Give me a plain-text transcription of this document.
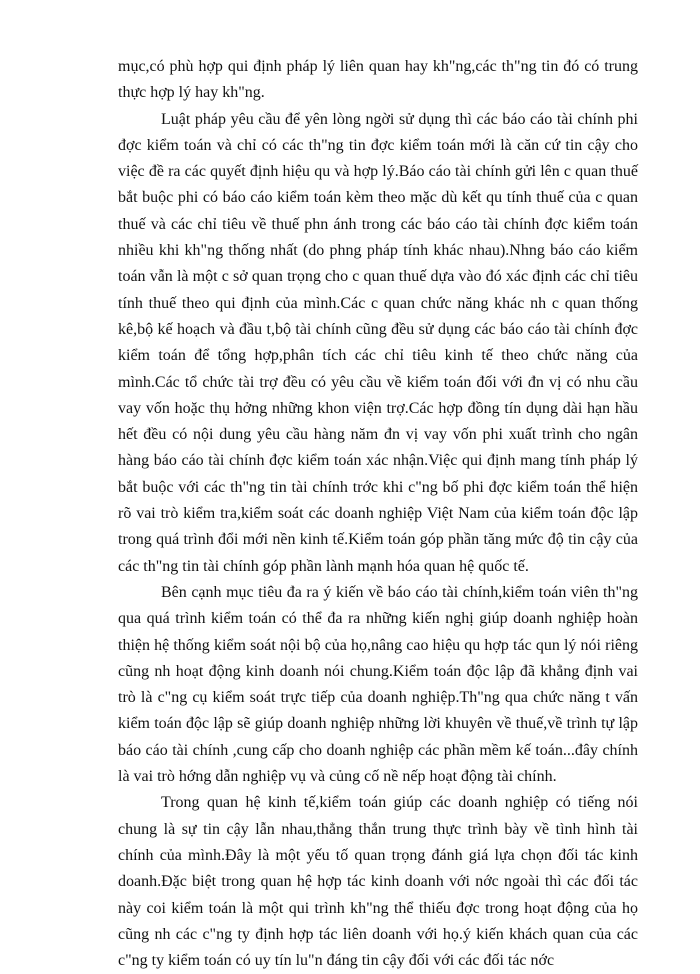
mục,có phù hợp qui định pháp lý liên quan hay kh"ng,các th"ng tin đó có trung thực hợp lý hay kh"ng.

Luật pháp yêu cầu để yên lòng ngời sử dụng thì các báo cáo tài chính phi đợc kiểm toán và chỉ có các th"ng tin đợc kiểm toán mới là căn cứ tin cậy cho việc đề ra các quyết định hiệu qu và hợp lý.Báo cáo tài chính gửi lên c quan thuế bắt buộc phi có báo cáo kiểm toán kèm theo mặc dù kết qu tính thuế của c quan thuế và các chỉ tiêu về thuế phn ánh trong các báo cáo tài chính đợc kiểm toán nhiều khi kh"ng thống nhất (do phng pháp tính khác nhau).Nhng báo cáo kiểm toán vẫn là một c sở quan trọng cho c quan thuế dựa vào đó xác định các chỉ tiêu tính thuế theo qui định của mình.Các c quan chức năng khác nh c quan thống kê,bộ kế hoạch và đầu t,bộ tài chính cũng đều sử dụng các báo cáo tài chính đợc kiểm toán để tổng hợp,phân tích các chỉ tiêu kinh tế theo chức năng của mình.Các tổ chức tài trợ đều có yêu cầu về kiểm toán đối với đn vị có nhu cầu vay vốn hoặc thụ hởng những khon viện trợ.Các hợp đồng tín dụng dài hạn hầu hết đều có nội dung yêu cầu hàng năm đn vị vay vốn phi xuất trình cho ngân hàng báo cáo tài chính đợc kiểm toán xác nhận.Việc qui định mang tính pháp lý bắt buộc với các th"ng tin tài chính trớc khi c"ng bố phi đợc kiểm toán thể hiện rõ vai trò kiểm tra,kiểm soát các doanh nghiệp Việt Nam của kiểm toán độc lập trong quá trình đổi mới nền kinh tế.Kiểm toán góp phần tăng mức độ tin cậy của các th"ng tin tài chính góp phần lành mạnh hóa quan hệ quốc tế.

Bên cạnh mục tiêu đa ra ý kiến về báo cáo tài chính,kiểm toán viên th"ng qua quá trình kiểm toán có thể đa ra những kiến nghị giúp doanh nghiệp hoàn thiện hệ thống kiểm soát nội bộ của họ,nâng cao hiệu qu hợp tác qun lý nói riêng cũng nh hoạt động kinh doanh nói chung.Kiểm toán độc lập đã khẳng định vai trò là c"ng cụ kiểm soát trực tiếp của doanh nghiệp.Th"ng qua chức năng t vấn kiểm toán độc lập sẽ giúp doanh nghiệp những lời khuyên về thuế,về trình tự lập báo cáo tài chính ,cung cấp cho doanh nghiệp các phần mềm kế toán...đây chính là vai trò hớng dẫn nghiệp vụ và củng cố nề nếp hoạt động tài chính.

Trong quan hệ kinh tế,kiểm toán giúp các doanh nghiệp có tiếng nói chung là sự tin cậy lẫn nhau,thẳng thắn trung thực trình bày về tình hình tài chính của mình.Đây là một yếu tố quan trọng đánh giá lựa chọn đối tác kinh doanh.Đặc biệt trong quan hệ hợp tác kinh doanh với nớc ngoài thì các đối tác này coi kiểm toán là một qui trình kh"ng thể thiếu đợc trong hoạt động của họ cũng nh các c"ng ty định hợp tác liên doanh với họ.ý kiến khách quan của các c"ng ty kiểm toán có uy tín lu"n đáng tin cậy đối với các đối tác nớc
